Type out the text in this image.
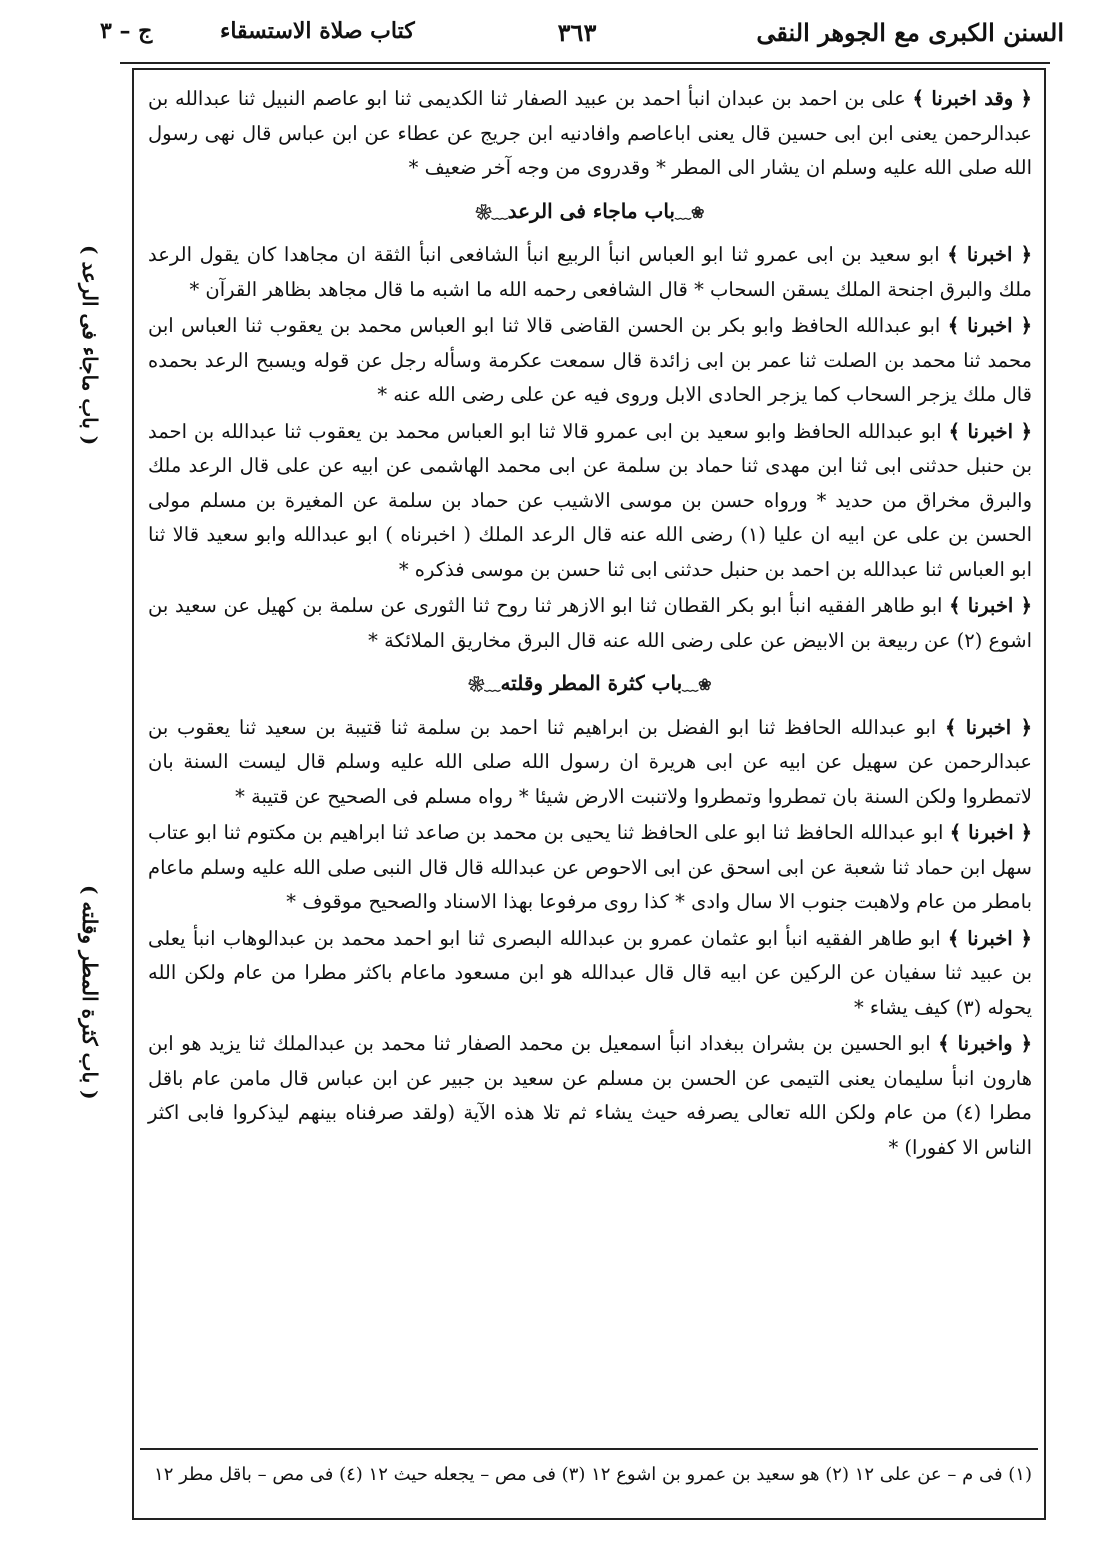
السنن الكبرى مع الجوهر النقى
٣٦٣
كتاب صلاة الاستسقاء
ج – ٣
( باب ماجاء فى الرعد )
( باب كثرة المطر وقلته )

﴿ وقد اخبرنا ﴾ على بن احمد بن عبدان انبأ احمد بن عبيد الصفار ثنا الكديمى ثنا ابو عاصم النبيل ثنا عبدالله بن عبدالرحمن يعنى ابن ابى حسين قال يعنى اباعاصم وافادنيه ابن جريج عن عطاء عن ابن عباس قال نهى رسول الله صلى الله عليه وسلم ان يشار الى المطر * وقدروى من وجه آخر ضعيف *

❀﹏باب ماجاء فى الرعد﹏❀

﴿ اخبرنا ﴾ ابو سعيد بن ابى عمرو ثنا ابو العباس انبأ الربيع انبأ الشافعى انبأ الثقة ان مجاهدا كان يقول الرعد ملك والبرق اجنحة الملك يسقن السحاب * قال الشافعى رحمه الله ما اشبه ما قال مجاهد بظاهر القرآن *

﴿ اخبرنا ﴾ ابو عبدالله الحافظ وابو بكر بن الحسن القاضى قالا ثنا ابو العباس محمد بن يعقوب ثنا العباس ابن محمد ثنا محمد بن الصلت ثنا عمر بن ابى زائدة قال سمعت عكرمة وسأله رجل عن قوله ويسبح الرعد بحمده قال ملك يزجر السحاب كما يزجر الحادى الابل وروى فيه عن على رضى الله عنه *

﴿ اخبرنا ﴾ ابو عبدالله الحافظ وابو سعيد بن ابى عمرو قالا ثنا ابو العباس محمد بن يعقوب ثنا عبدالله بن احمد بن حنبل حدثنى ابى ثنا ابن مهدى ثنا حماد بن سلمة عن ابى محمد الهاشمى عن ابيه عن على قال الرعد ملك والبرق مخراق من حديد * ورواه حسن بن موسى الاشيب عن حماد بن سلمة عن المغيرة بن مسلم مولى الحسن بن على عن ابيه ان عليا (١) رضى الله عنه قال الرعد الملك ( اخبرناه ) ابو عبدالله وابو سعيد قالا ثنا ابو العباس ثنا عبدالله بن احمد بن حنبل حدثنى ابى ثنا حسن بن موسى فذكره *

﴿ اخبرنا ﴾ ابو طاهر الفقيه انبأ ابو بكر القطان ثنا ابو الازهر ثنا روح ثنا الثورى عن سلمة بن كهيل عن سعيد بن اشوع (٢) عن ربيعة بن الابيض عن على رضى الله عنه قال البرق مخاريق الملائكة *

❀﹏باب كثرة المطر وقلته﹏❀

﴿ اخبرنا ﴾ ابو عبدالله الحافظ ثنا ابو الفضل بن ابراهيم ثنا احمد بن سلمة ثنا قتيبة بن سعيد ثنا يعقوب بن عبدالرحمن عن سهيل عن ابيه عن ابى هريرة ان رسول الله صلى الله عليه وسلم قال ليست السنة بان لاتمطروا ولكن السنة بان تمطروا وتمطروا ولاتنبت الارض شيئا * رواه مسلم فى الصحيح عن قتيبة *

﴿ اخبرنا ﴾ ابو عبدالله الحافظ ثنا ابو على الحافظ ثنا يحيى بن محمد بن صاعد ثنا ابراهيم بن مكتوم ثنا ابو عتاب سهل ابن حماد ثنا شعبة عن ابى اسحق عن ابى الاحوص عن عبدالله قال قال النبى صلى الله عليه وسلم ماعام بامطر من عام ولاهبت جنوب الا سال وادى * كذا روى مرفوعا بهذا الاسناد والصحيح موقوف *

﴿ اخبرنا ﴾ ابو طاهر الفقيه انبأ ابو عثمان عمرو بن عبدالله البصرى ثنا ابو احمد محمد بن عبدالوهاب انبأ يعلى بن عبيد ثنا سفيان عن الركين عن ابيه قال قال عبدالله هو ابن مسعود ماعام باكثر مطرا من عام ولكن الله يحوله (٣) كيف يشاء *

﴿ واخبرنا ﴾ ابو الحسين بن بشران ببغداد انبأ اسمعيل بن محمد الصفار ثنا محمد بن عبدالملك ثنا يزيد هو ابن هارون انبأ سليمان يعنى التيمى عن الحسن بن مسلم عن سعيد بن جبير عن ابن عباس قال مامن عام باقل مطرا (٤) من عام ولكن الله تعالى يصرفه حيث يشاء ثم تلا هذه الآية (ولقد صرفناه بينهم ليذكروا فابى اكثر الناس الا كفورا) *

(١) فى م – عن على ١٢ (٢) هو سعيد بن عمرو بن اشوع ١٢ (٣) فى مص – يجعله حيث ١٢ (٤) فى مص – باقل مطر ١٢
